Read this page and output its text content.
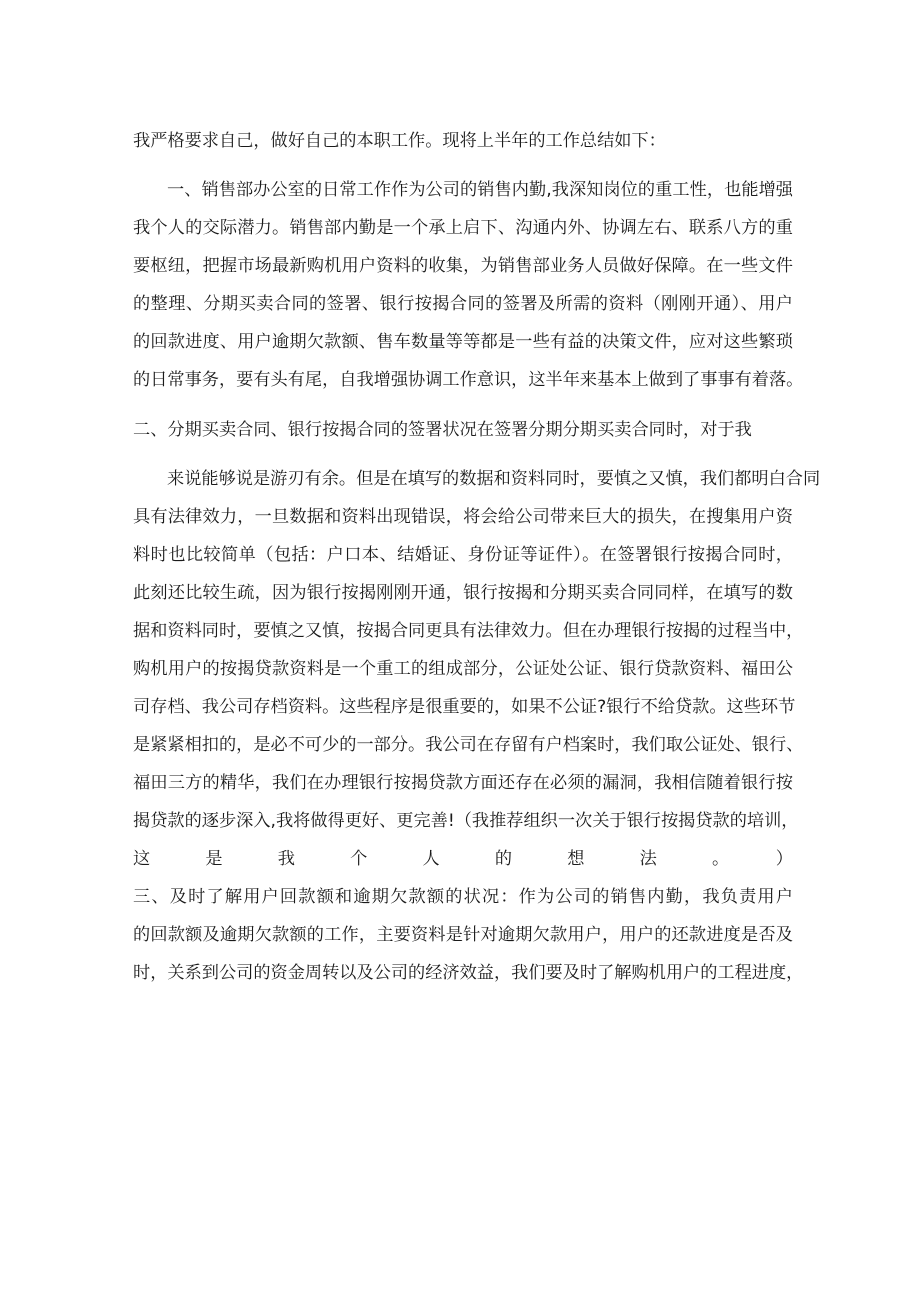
我严格要求自己，做好自己的本职工作。现将上半年的工作总结如下：
一、销售部办公室的日常工作作为公司的销售内勤,我深知岗位的重工性，也能增强
我个人的交际潜力。销售部内勤是一个承上启下、沟通内外、协调左右、联系八方的重
要枢纽，把握市场最新购机用户资料的收集，为销售部业务人员做好保障。在一些文件
的整理、分期买卖合同的签署、银行按揭合同的签署及所需的资料（刚刚开通）、用户
的回款进度、用户逾期欠款额、售车数量等等都是一些有益的决策文件，应对这些繁琐
的日常事务，要有头有尾，自我增强协调工作意识，这半年来基本上做到了事事有着落。
二、分期买卖合同、银行按揭合同的签署状况在签署分期分期买卖合同时，对于我
来说能够说是游刃有余。但是在填写的数据和资料同时，要慎之又慎，我们都明白合同
具有法律效力，一旦数据和资料出现错误，将会给公司带来巨大的损失，在搜集用户资
料时也比较简单（包括：户口本、结婚证、身份证等证件）。在签署银行按揭合同时，
此刻还比较生疏，因为银行按揭刚刚开通，银行按揭和分期买卖合同同样，在填写的数
据和资料同时，要慎之又慎，按揭合同更具有法律效力。但在办理银行按揭的过程当中，
购机用户的按揭贷款资料是一个重工的组成部分，公证处公证、银行贷款资料、福田公
司存档、我公司存档资料。这些程序是很重要的，如果不公证?银行不给贷款。这些环节
是紧紧相扣的，是必不可少的一部分。我公司在存留有户档案时，我们取公证处、银行、
福田三方的精华，我们在办理银行按揭贷款方面还存在必须的漏洞，我相信随着银行按
揭贷款的逐步深入,我将做得更好、更完善!（我推荐组织一次关于银行按揭贷款的培训，
这是我个人的想法。）
三、及时了解用户回款额和逾期欠款额的状况：作为公司的销售内勤，我负责用户
的回款额及逾期欠款额的工作，主要资料是针对逾期欠款用户，用户的还款进度是否及
时，关系到公司的资金周转以及公司的经济效益，我们要及时了解购机用户的工程进度，
